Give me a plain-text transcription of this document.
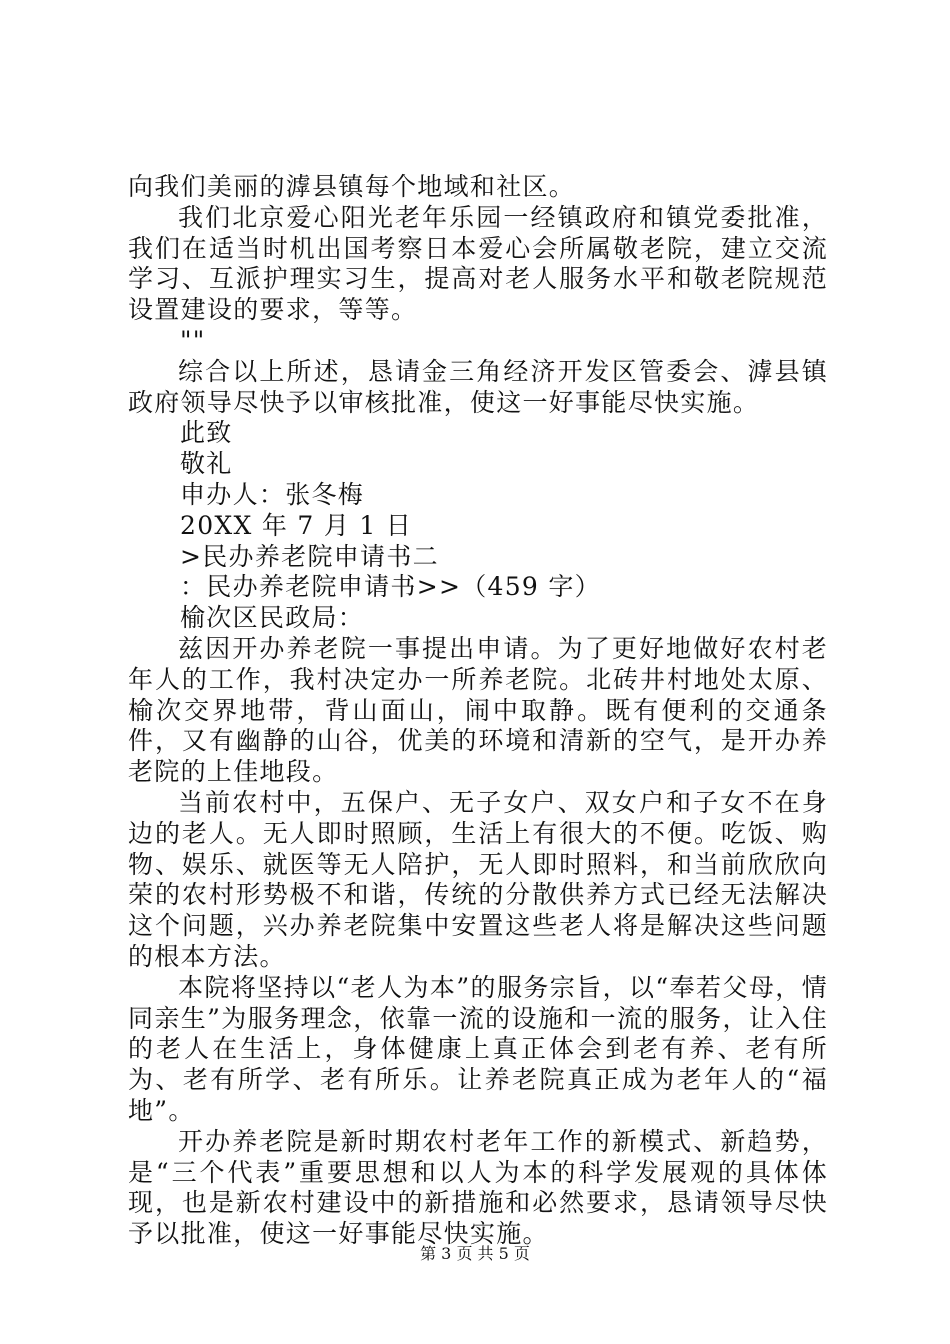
向我们美丽的滹县镇每个地域和社区。

我们北京爱心阳光老年乐园一经镇政府和镇党委批准，我们在适当时机出国考察日本爱心会所属敬老院，建立交流学习、互派护理实习生，提高对老人服务水平和敬老院规范设置建设的要求，等等。

""

综合以上所述，恳请金三角经济开发区管委会、滹县镇政府领导尽快予以审核批准，使这一好事能尽快实施。

此致

敬礼

申办人：张冬梅

20XX 年 7 月 1 日

>民办养老院申请书二

：民办养老院申请书>>（459 字）

榆次区民政局：

兹因开办养老院一事提出申请。为了更好地做好农村老年人的工作，我村决定办一所养老院。北砖井村地处太原、榆次交界地带，背山面山，闹中取静。既有便利的交通条件，又有幽静的山谷，优美的环境和清新的空气，是开办养老院的上佳地段。

当前农村中，五保户、无子女户、双女户和子女不在身边的老人。无人即时照顾，生活上有很大的不便。吃饭、购物、娱乐、就医等无人陪护，无人即时照料，和当前欣欣向荣的农村形势极不和谐，传统的分散供养方式已经无法解决这个问题，兴办养老院集中安置这些老人将是解决这些问题的根本方法。

本院将坚持以“老人为本”的服务宗旨，以“奉若父母，情同亲生”为服务理念，依靠一流的设施和一流的服务，让入住的老人在生活上，身体健康上真正体会到老有养、老有所为、老有所学、老有所乐。让养老院真正成为老年人的“福地”。

开办养老院是新时期农村老年工作的新模式、新趋势，是“三个代表”重要思想和以人为本的科学发展观的具体体现，也是新农村建设中的新措施和必然要求，恳请领导尽快予以批准，使这一好事能尽快实施。

第 3 页 共 5 页
